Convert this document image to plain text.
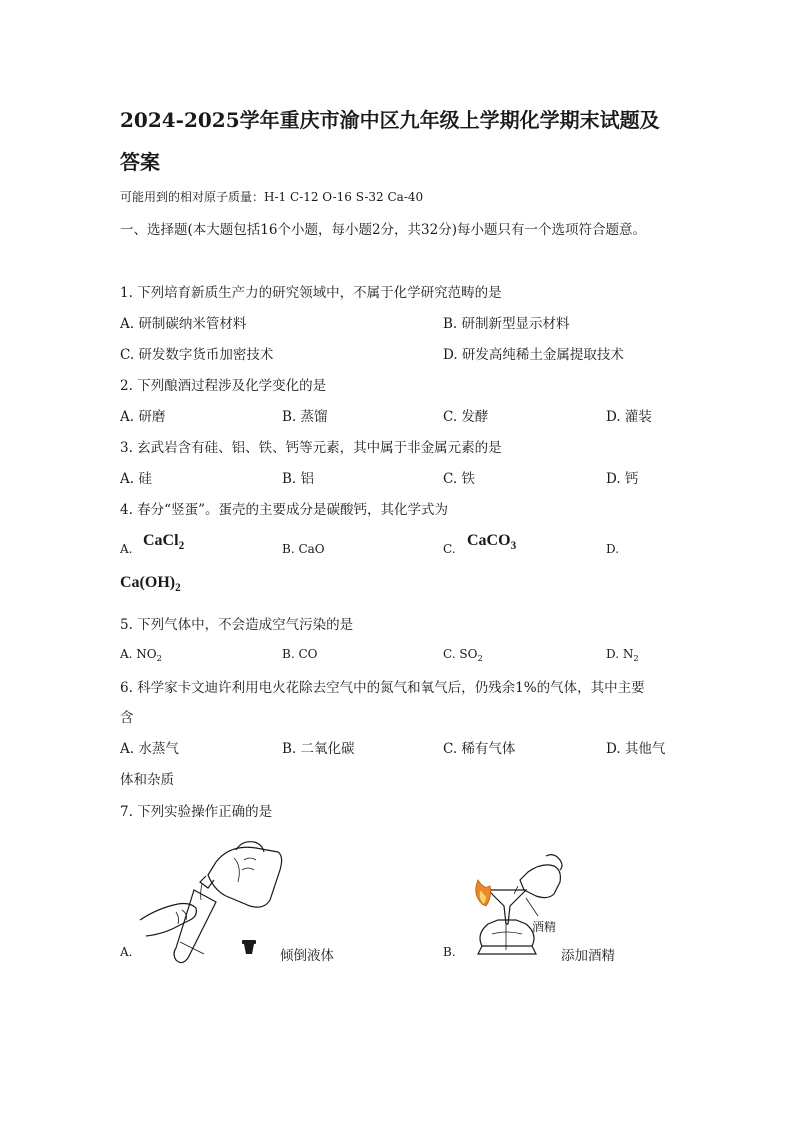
2024-2025学年重庆市渝中区九年级上学期化学期末试题及
答案
可能用到的相对原子质量：H-1 C-12 O-16 S-32 Ca-40
一、选择题(本大题包括16个小题，每小题2分，共32分)每小题只有一个选项符合题意。
1. 下列培育新质生产力的研究领域中，不属于化学研究范畴的是
A. 研制碳纳米管材料	B. 研制新型显示材料
C. 研发数字货币加密技术	D. 研发高纯稀土金属提取技术
2. 下列酿酒过程涉及化学变化的是
A. 研磨	B. 蒸馏	C. 发酵	D. 灌装
3. 玄武岩含有硅、铝、铁、钙等元素，其中属于非金属元素的是
A. 硅	B. 铝	C. 铁	D. 钙
4. 春分“竖蛋”。蛋壳的主要成分是碳酸钙，其化学式为
A. CaCl$_2$	B. CaO	C. CaCO$_3$	D.
$Ca(OH)_2$
5. 下列气体中，不会造成空气污染的是
A. $NO_2$	B. CO	C. $SO_2$	D. $N_2$
6. 科学家卡文迪许利用电火花除去空气中的氮气和氧气后，仍残余1%的气体，其中主要
含
A. 水蒸气	B. 二氧化碳	C. 稀有气体	D. 其他气
体和杂质
7. 下列实验操作正确的是
A.	倾倒液体	B.
酒精
添加酒精
